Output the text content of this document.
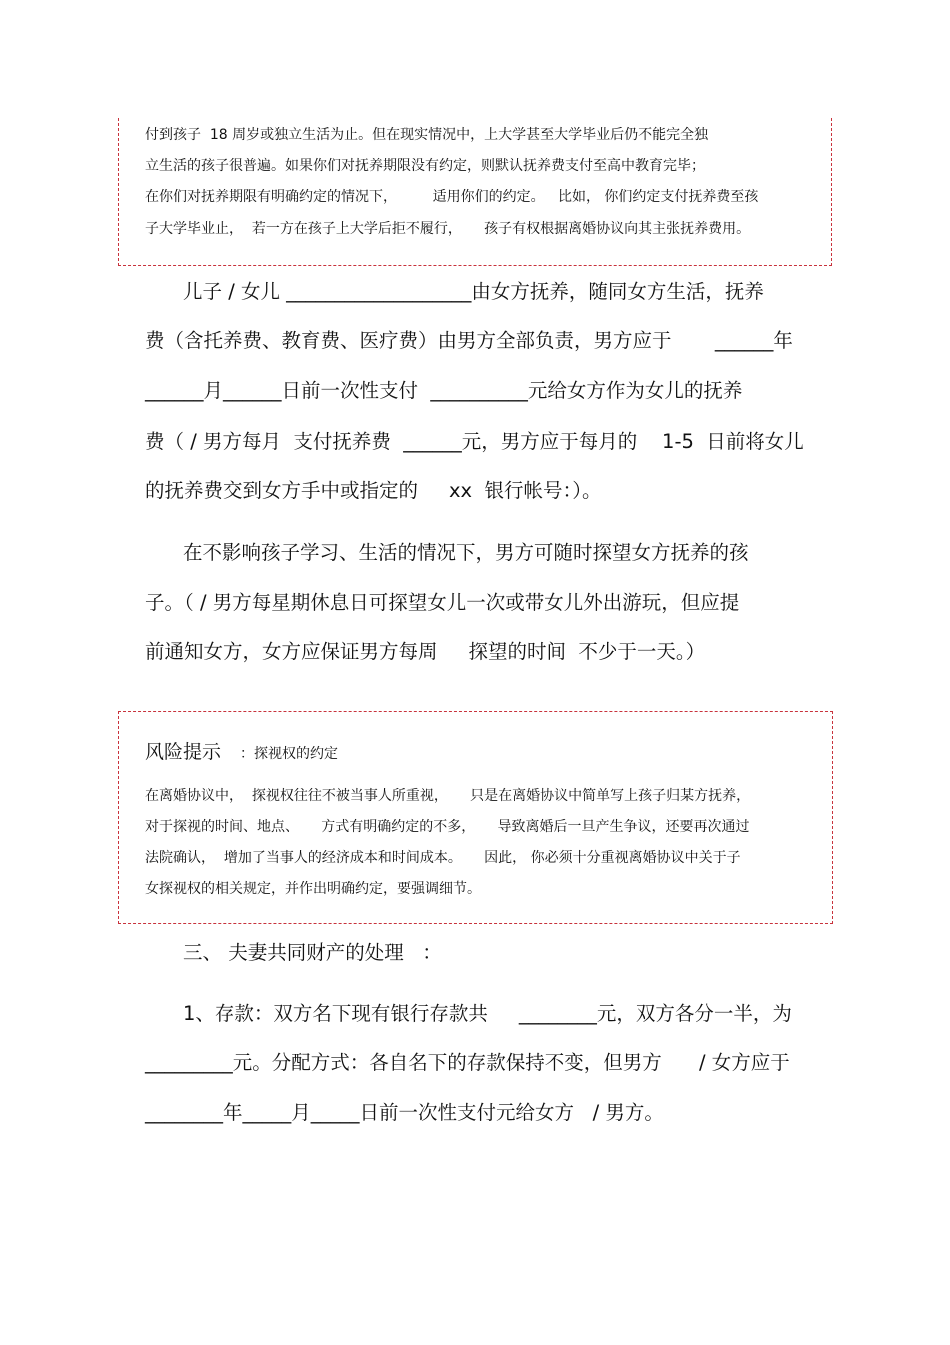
付到孩子  18 周岁或独立生活为止。但在现实情况中，上大学甚至大学毕业后仍不能完全独
立生活的孩子很普遍。如果你们对抚养期限没有约定，则默认抚养费支付至高中教育完毕；
在你们对抚养期限有明确约定的情况下，        适用你们的约定。   比如， 你们约定支付抚养费至孩
子大学毕业止，  若一方在孩子上大学后拒不履行，     孩子有权根据离婚协议向其主张抚养费用。
儿子 / 女儿 ___________________由女方抚养，随同女方生活，抚养
费（含托养费、教育费、医疗费）由男方全部负责，男方应于       ______年
______月______日前一次性支付  __________元给女方作为女儿的抚养
费（ / 男方每月  支付抚养费  ______元，男方应于每月的    1-5  日前将女儿
的抚养费交到女方手中或指定的     xx  银行帐号：）。
在不影响孩子学习、生活的情况下，男方可随时探望女方抚养的孩
子。（ / 男方每星期休息日可探望女儿一次或带女儿外出游玩，但应提
前通知女方，女方应保证男方每周     探望的时间  不少于一天。）
风险提示 ：探视权的约定
在离婚协议中，  探视权往往不被当事人所重视，     只是在离婚协议中简单写上孩子归某方抚养，
对于探视的时间、地点、     方式有明确约定的不多，     导致离婚后一旦产生争议，还要再次通过
法院确认，  增加了当事人的经济成本和时间成本。     因此， 你必须十分重视离婚协议中关于子
女探视权的相关规定，并作出明确约定，要强调细节。
三、 夫妻共同财产的处理   ：
1、存款：双方名下现有银行存款共     ________元，双方各分一半，为
_________元。分配方式：各自名下的存款保持不变，但男方      / 女方应于
________年_____月_____日前一次性支付元给女方   / 男方。
